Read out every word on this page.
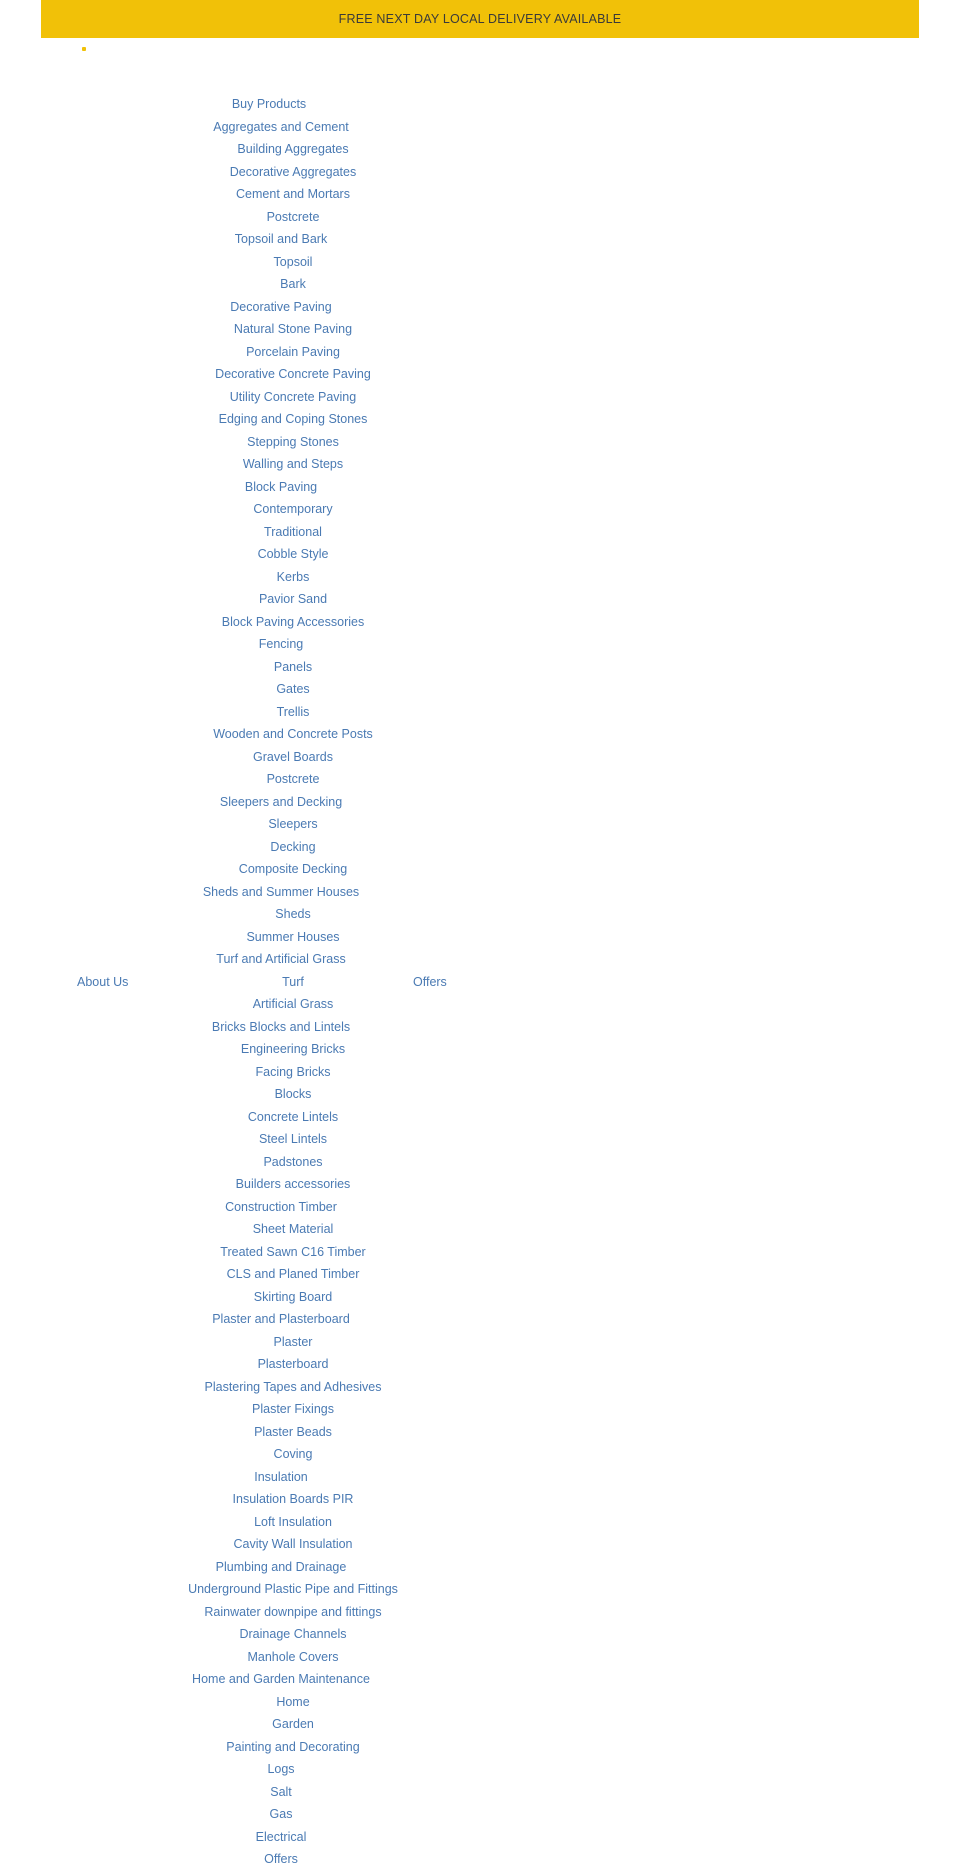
FREE NEXT DAY LOCAL DELIVERY AVAILABLE
About Us	Offers
Buy Products
Aggregates and Cement
Building Aggregates
Decorative Aggregates
Cement and Mortars
Postcrete
Topsoil and Bark
Topsoil
Bark
Decorative Paving
Natural Stone Paving
Porcelain Paving
Decorative Concrete Paving
Utility Concrete Paving
Edging and Coping Stones
Stepping Stones
Walling and Steps
Block Paving
Contemporary
Traditional
Cobble Style
Kerbs
Pavior Sand
Block Paving Accessories
Fencing
Panels
Gates
Trellis
Wooden and Concrete Posts
Gravel Boards
Postcrete
Sleepers and Decking
Sleepers
Decking
Composite Decking
Sheds and Summer Houses
Sheds
Summer Houses
Turf and Artificial Grass
Turf
Artificial Grass
Bricks Blocks and Lintels
Engineering Bricks
Facing Bricks
Blocks
Concrete Lintels
Steel Lintels
Padstones
Builders accessories
Construction Timber
Sheet Material
Treated Sawn C16 Timber
CLS and Planed Timber
Skirting Board
Plaster and Plasterboard
Plaster
Plasterboard
Plastering Tapes and Adhesives
Plaster Fixings
Plaster Beads
Coving
Insulation
Insulation Boards PIR
Loft Insulation
Cavity Wall Insulation
Plumbing and Drainage
Underground Plastic Pipe and Fittings
Rainwater downpipe and fittings
Drainage Channels
Manhole Covers
Home and Garden Maintenance
Home
Garden
Painting and Decorating
Logs
Salt
Gas
Electrical
Offers
